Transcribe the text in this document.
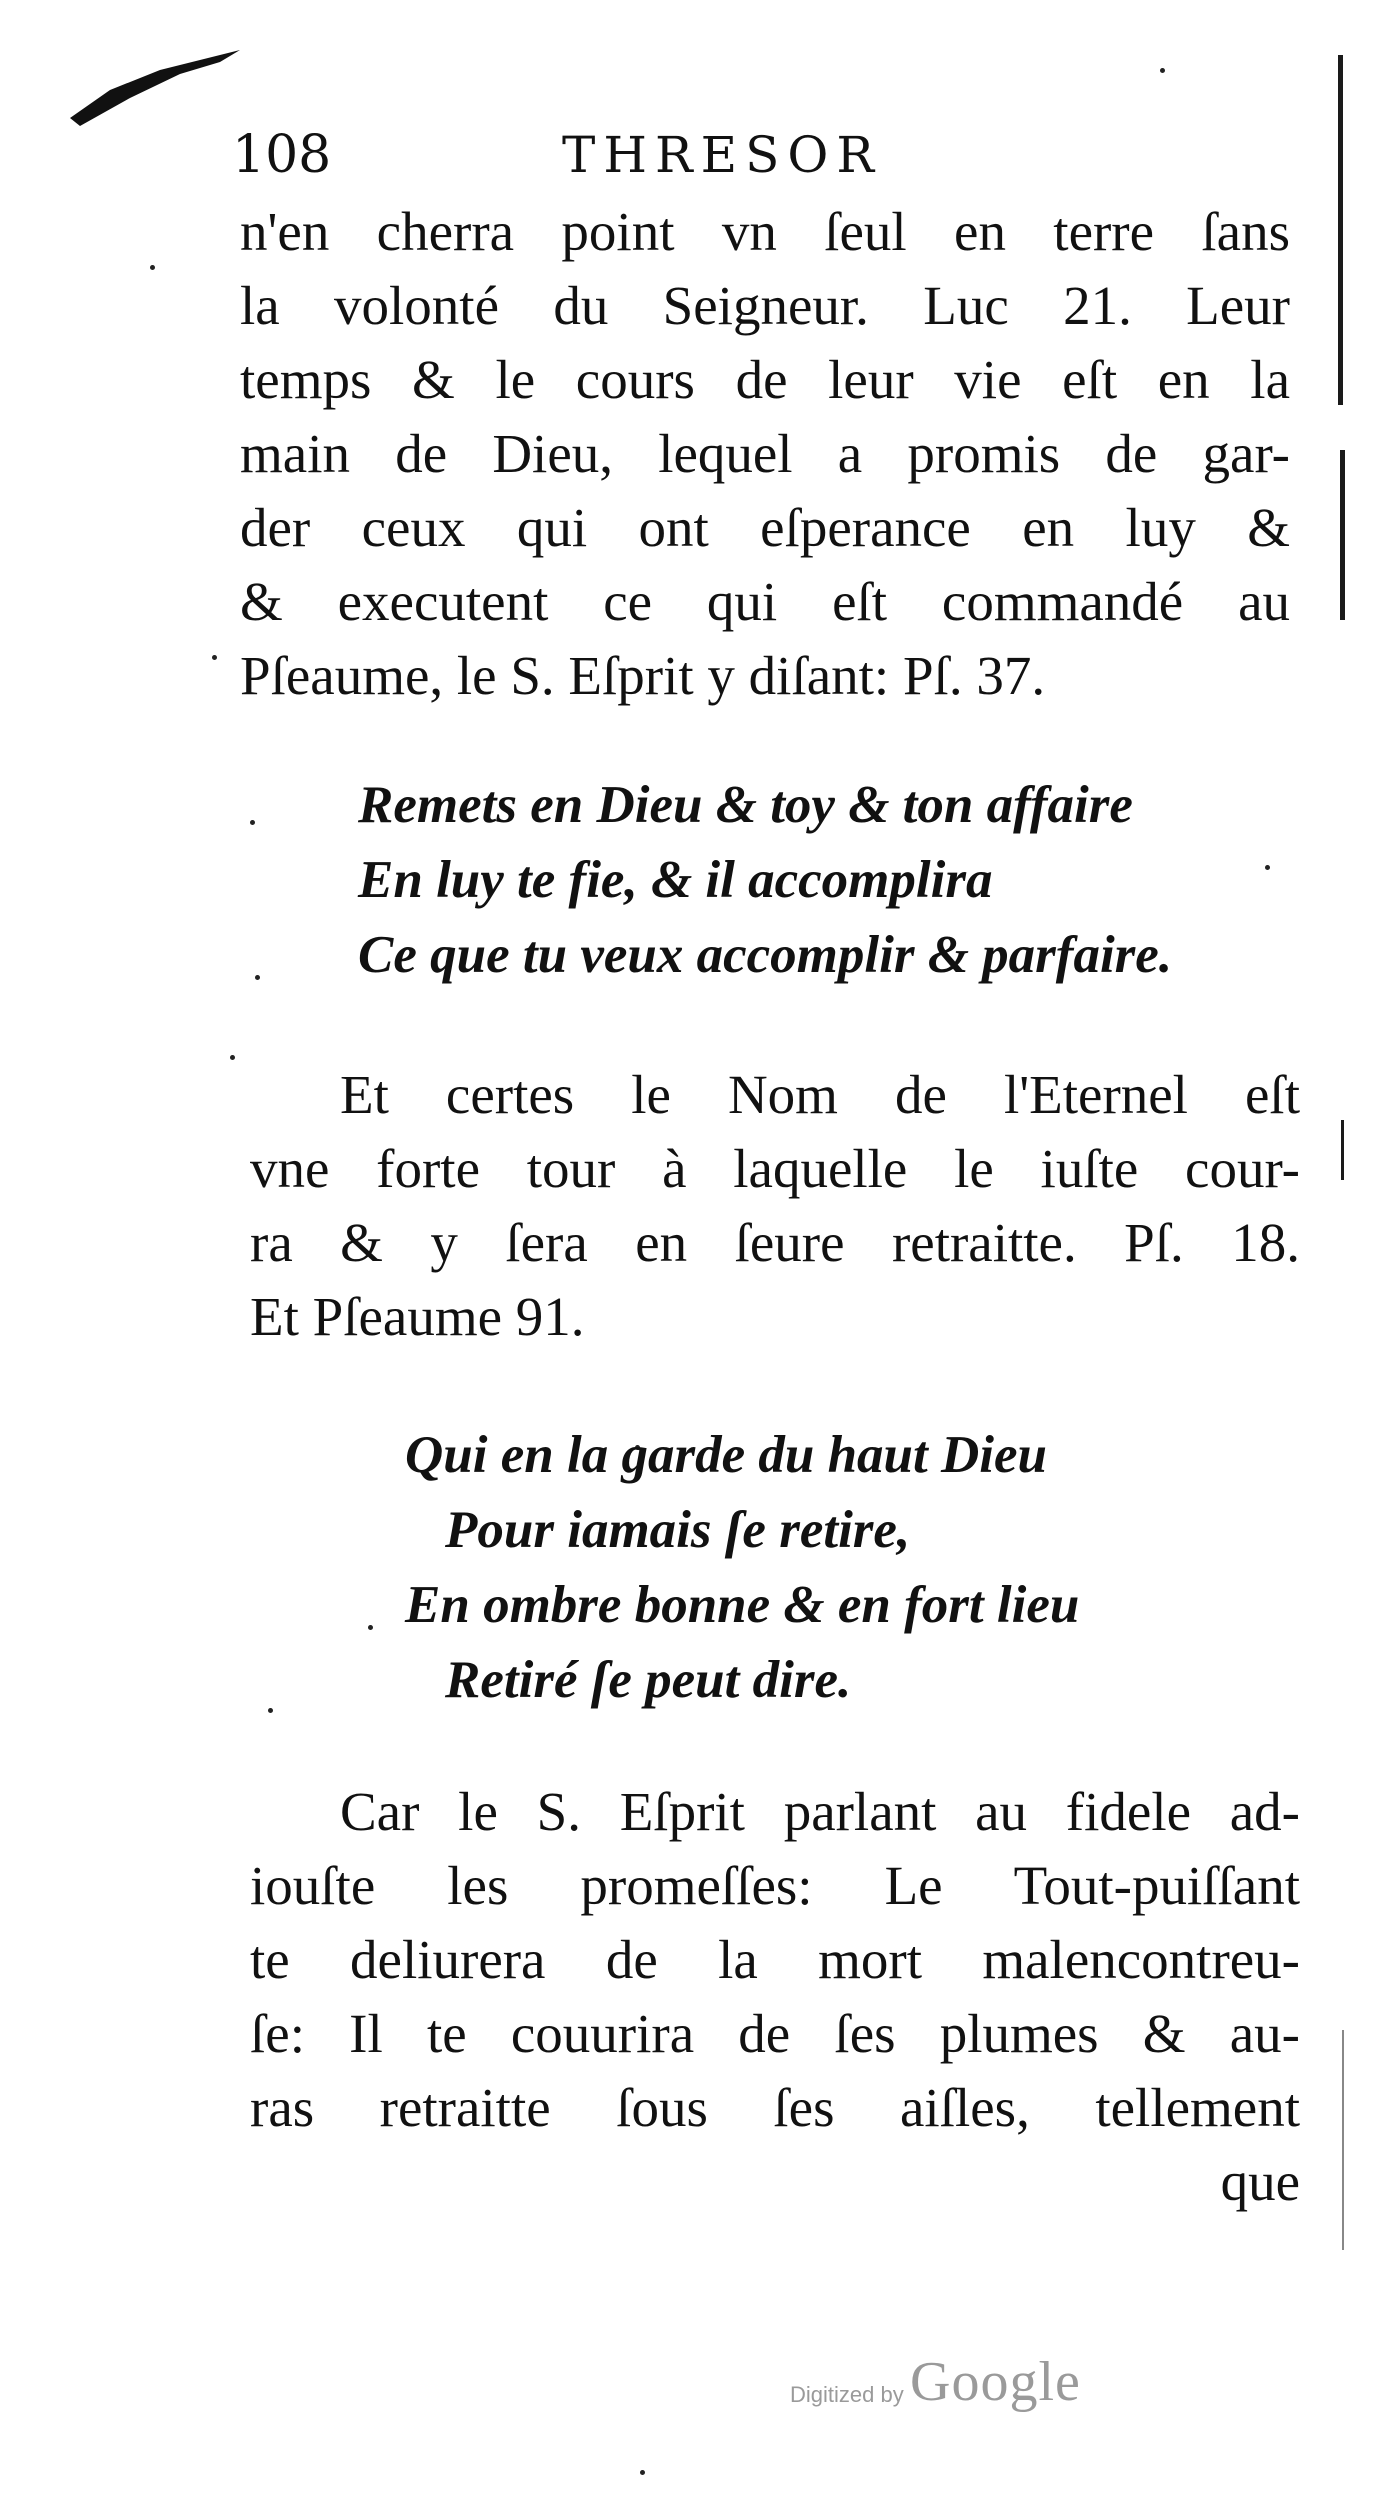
108	THRESOR
n'en cherra point vn ſeul en terre ſans
la volonté du Seigneur. Luc 21. Leur
temps & le cours de leur vie eſt en la
main de Dieu, lequel a promis de gar-
der ceux qui ont eſperance en luy &
& executent ce qui eſt commandé au
Pſeaume, le S. Eſprit y diſant: Pſ. 37.
Remets en Dieu & toy & ton affaire
En luy te fie, & il accomplira
Ce que tu veux accomplir & parfaire.
Et certes le Nom de l'Eternel eſt
vne forte tour à laquelle le iuſte cour-
ra & y ſera en ſeure retraitte. Pſ. 18.
Et Pſeaume 91.
Qui en la garde du haut Dieu
Pour iamais ſe retire,
En ombre bonne & en fort lieu
Retiré ſe peut dire.
Car le S. Eſprit parlant au fidele ad-
iouſte les promeſſes: Le Tout-puiſſant
te deliurera de la mort malencontreu-
ſe: Il te couurira de ſes plumes & au-
ras retraitte ſous ſes aiſles, tellement
que
Digitized by Google
